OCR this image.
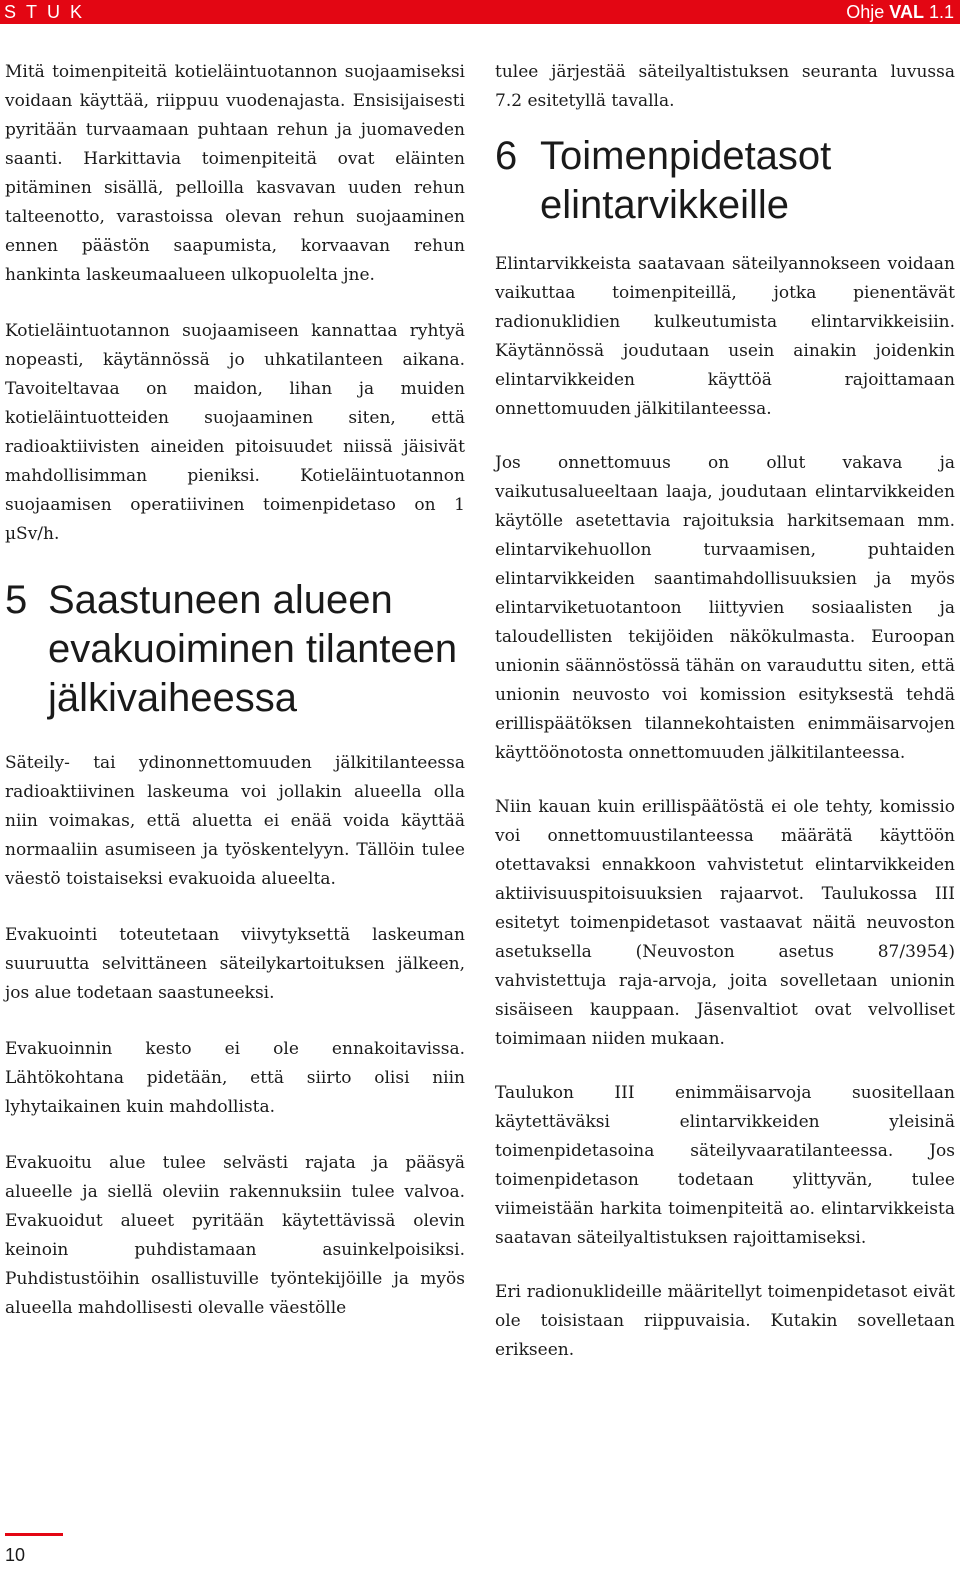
STUK	Ohje VAL 1.1

Mitä toimenpiteitä kotieläintuotannon suojaamiseksi voidaan käyttää, riippuu vuodenajasta. Ensisijaisesti pyritään turvaamaan puhtaan rehun ja juomaveden saanti. Harkittavia toimenpiteitä ovat eläinten pitäminen sisällä, pelloilla kasvavan uuden rehun talteenotto, varastoissa olevan rehun suojaaminen ennen päästön saapumista, korvaavan rehun hankinta laskeumaalueen ulkopuolelta jne.

Kotieläintuotannon suojaamiseen kannattaa ryhtyä nopeasti, käytännössä jo uhkatilanteen aikana. Tavoiteltavaa on maidon, lihan ja muiden kotieläintuotteiden suojaaminen siten, että radioaktiivisten aineiden pitoisuudet niissä jäisivät mahdollisimman pieniksi. Kotieläintuotannon suojaamisen operatiivinen toimenpidetaso on 1 µSv/h.

5 Saastuneen alueen evakuoiminen tilanteen jälkivaiheessa

Säteily- tai ydinonnettomuuden jälkitilanteessa radioaktiivinen laskeuma voi jollakin alueella olla niin voimakas, että aluetta ei enää voida käyttää normaaliin asumiseen ja työskentelyyn. Tällöin tulee väestö toistaiseksi evakuoida alueelta.

Evakuointi toteutetaan viivytyksettä laskeuman suuruutta selvittäneen säteilykartoituksen jälkeen, jos alue todetaan saastuneeksi.

Evakuoinnin kesto ei ole ennakoitavissa. Lähtökohtana pidetään, että siirto olisi niin lyhytaikainen kuin mahdollista.

Evakuoitu alue tulee selvästi rajata ja pääsyä alueelle ja siellä oleviin rakennuksiin tulee valvoa. Evakuoidut alueet pyritään käytettävissä olevin keinoin puhdistamaan asuinkelpoisiksi. Puhdistustöihin osallistuville työntekijöille ja myös alueella mahdollisesti olevalle väestölle

tulee järjestää säteilyaltistuksen seuranta luvussa 7.2 esitetyllä tavalla.

6 Toimenpidetasot elintarvikkeille

Elintarvikkeista saatavaan säteilyannokseen voidaan vaikuttaa toimenpiteillä, jotka pienentävät radionuklidien kulkeutumista elintarvikkeisiin. Käytännössä joudutaan usein ainakin joidenkin elintarvikkeiden käyttöä rajoittamaan onnettomuuden jälkitilanteessa.

Jos onnettomuus on ollut vakava ja vaikutusalueeltaan laaja, joudutaan elintarvikkeiden käytölle asetettavia rajoituksia harkitsemaan mm. elintarvikehuollon turvaamisen, puhtaiden elintarvikkeiden saantimahdollisuuksien ja myös elintarviketuotantoon liittyvien sosiaalisten ja taloudellisten tekijöiden näkökulmasta. Euroopan unionin säännöstössä tähän on varauduttu siten, että unionin neuvosto voi komission esityksestä tehdä erillispäätöksen tilannekohtaisten enimmäisarvojen käyttöönotosta onnettomuuden jälkitilanteessa.

Niin kauan kuin erillispäätöstä ei ole tehty, komissio voi onnettomuustilanteessa määrätä käyttöön otettavaksi ennakkoon vahvistetut elintarvikkeiden aktiivisuuspitoisuuksien rajaarvot. Taulukossa III esitetyt toimenpidetasot vastaavat näitä neuvoston asetuksella (Neuvoston asetus 87/3954) vahvistettuja raja-arvoja, joita sovelletaan unionin sisäiseen kauppaan. Jäsenvaltiot ovat velvolliset toimimaan niiden mukaan.

Taulukon III enimmäisarvoja suositellaan käytettäväksi elintarvikkeiden yleisinä toimenpidetasoina säteilyvaaratilanteessa. Jos toimenpidetason todetaan ylittyvän, tulee viimeistään harkita toimenpiteitä ao. elintarvikkeista saatavan säteilyaltistuksen rajoittamiseksi.

Eri radionuklideille määritellyt toimenpidetasot eivät ole toisistaan riippuvaisia. Kutakin sovelletaan erikseen.

10
